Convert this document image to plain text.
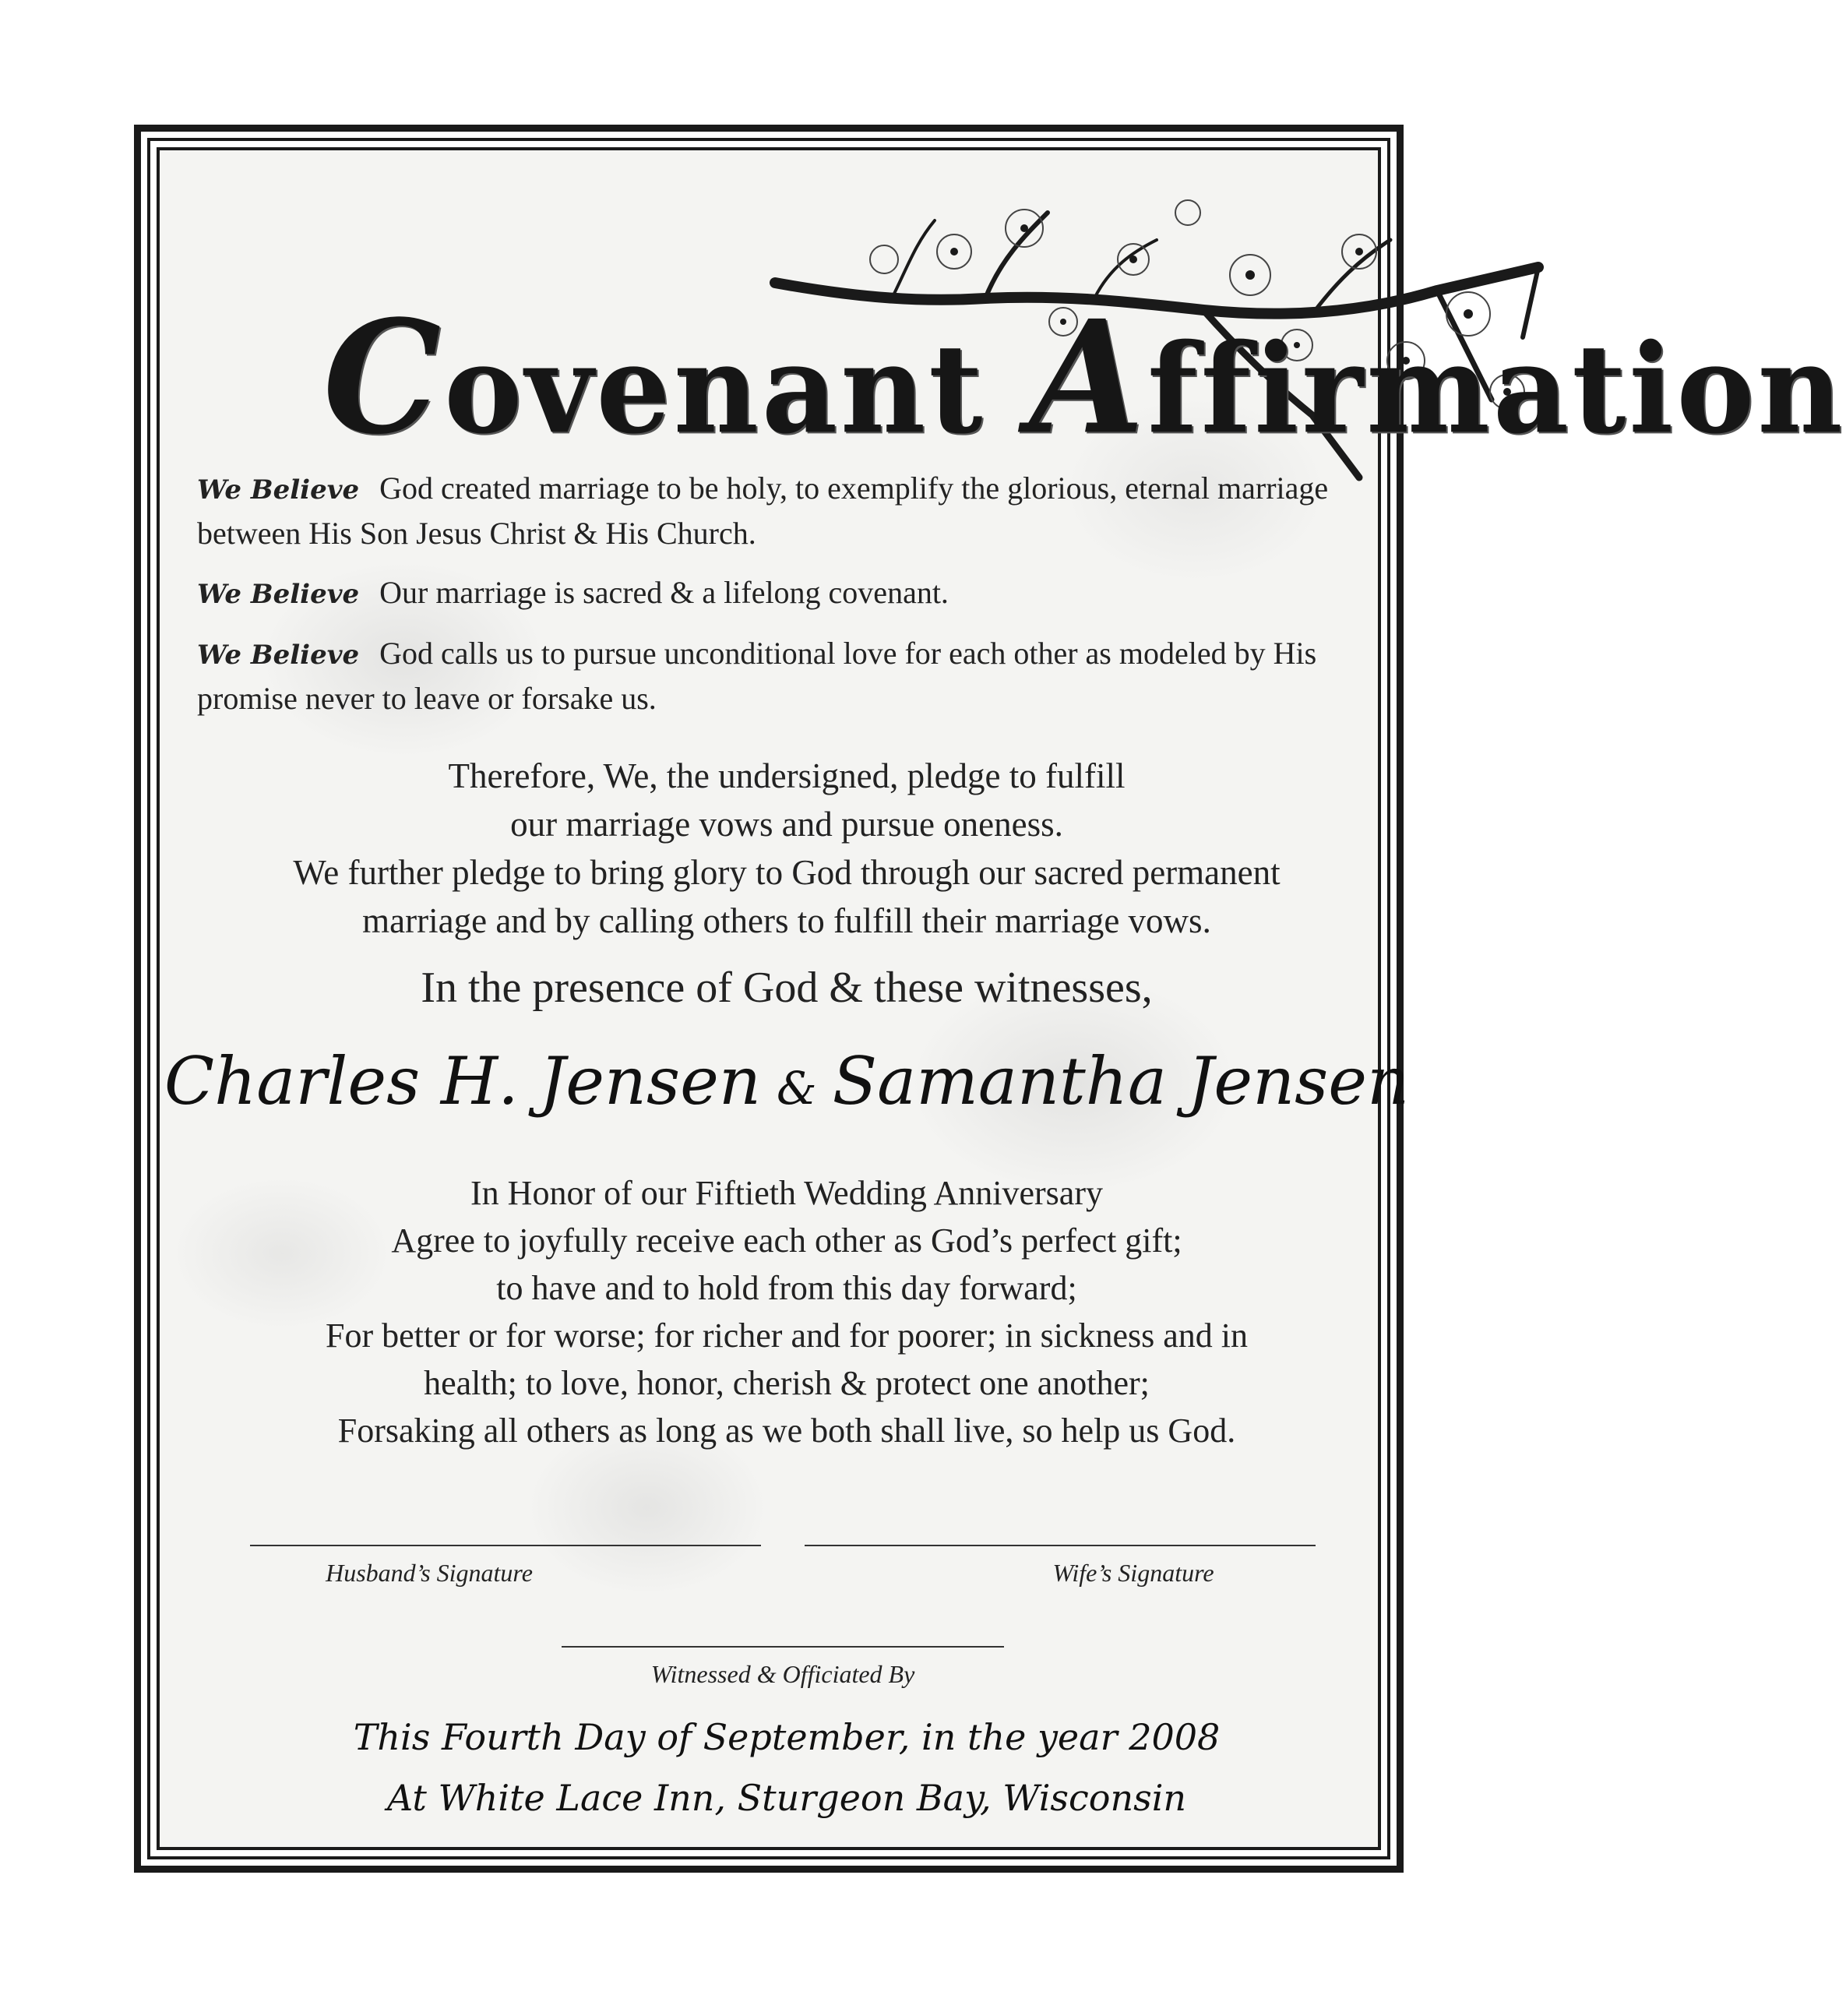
Covenant Affirmation
We Believe God created marriage to be holy, to exemplify the glorious, eternal marriage between His Son Jesus Christ & His Church.
We Believe Our marriage is sacred & a lifelong covenant.
We Believe God calls us to pursue unconditional love for each other as modeled by His promise never to leave or forsake us.
Therefore, We, the undersigned, pledge to fulfill
our marriage vows and pursue oneness.
We further pledge to bring glory to God through our sacred permanent
marriage and by calling others to fulfill their marriage vows.
In the presence of God & these witnesses,
Charles H. Jensen & Samantha Jensen
In Honor of our Fiftieth Wedding Anniversary
Agree to joyfully receive each other as God’s perfect gift;
to have and to hold from this day forward;
For better or for worse; for richer and for poorer; in sickness and in
health; to love, honor, cherish & protect one another;
Forsaking all others as long as we both shall live, so help us God.
Husband’s Signature	Wife’s Signature
Witnessed & Officiated By
This Fourth Day of September, in the year 2008
At White Lace Inn, Sturgeon Bay, Wisconsin
